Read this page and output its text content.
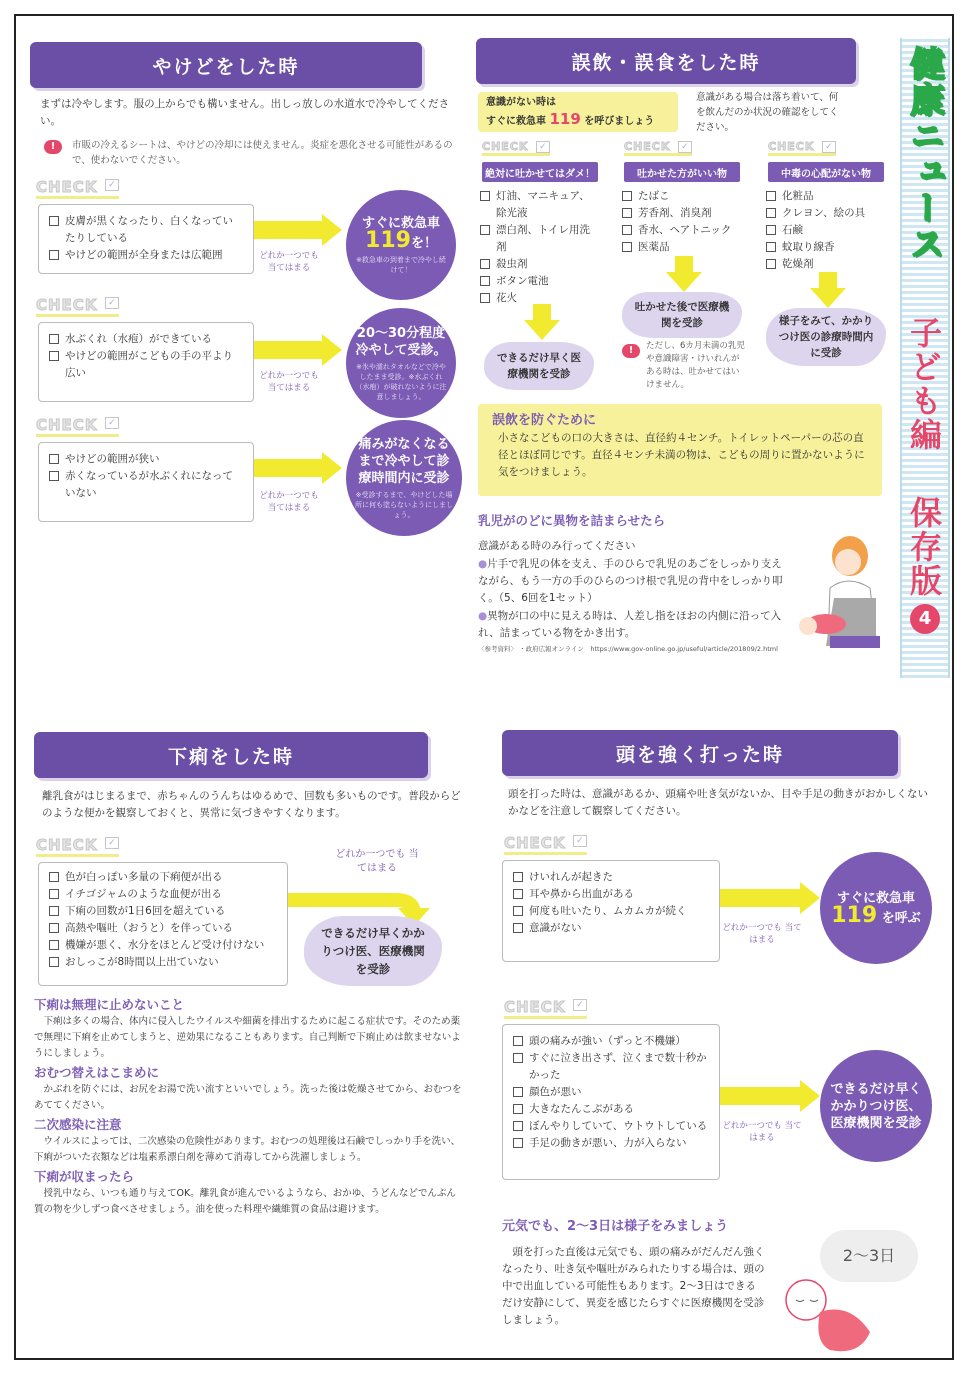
健康ニュース
子ども編
保存版
4
やけどをした時
まずは冷やします。服の上からでも構いません。出しっ放しの水道水で冷やしてください。
!	市販の冷えるシートは、やけどの冷却には使えません。炎症を悪化させる可能性があるので、使わないでください。
CHECK	✓
皮膚が黒くなったり、白くなっていたりしている
やけどの範囲が全身または広範囲	どれか一つでも 当てはまる
すぐに救急車
119を！
※救急車の到着まで冷やし続けて！
CHECK	✓
水ぶくれ（水疱）ができている
やけどの範囲がこどもの手の平より広い	どれか一つでも 当てはまる
20〜30分程度冷やして受診。
※氷や濡れタオルなどで冷やしたまま受診。※水ぶくれ（水疱）が破れないように注意しましょう。
CHECK	✓
やけどの範囲が狭い
赤くなっているが水ぶくれになっていない	どれか一つでも 当てはまる
痛みがなくなるまで冷やして診療時間内に受診
※受診するまで、やけどした場所に何も塗らないようにしましょう。
誤飲・誤食をした時
意識がない時は
すぐに救急車 119 を呼びましょう
意識がある場合は落ち着いて、何を飲んだのか状況の確認をしてください。
CHECK	✓
絶対に吐かせてはダメ！
灯油、マニキュア、除光液
漂白剤、トイレ用洗剤
殺虫剤
ボタン電池
花火
できるだけ早く医療機関を受診
CHECK	✓
吐かせた方がいい物
たばこ
芳香剤、消臭剤
香水、ヘアトニック
医薬品
吐かせた後で医療機関を受診
!	ただし、6カ月未満の乳児や意識障害・けいれんがある時は、吐かせてはいけません。
CHECK	✓
中毒の心配がない物
化粧品
クレヨン、絵の具
石鹸
蚊取り線香
乾燥剤
様子をみて、かかりつけ医の診療時間内に受診
誤飲を防ぐために
小さなこどもの口の大きさは、直径約４センチ。トイレットペーパーの芯の直径とほぼ同じです。直径４センチ未満の物は、こどもの周りに置かないように気をつけましょう。
乳児がのどに異物を詰まらせたら
意識がある時のみ行ってください
●片手で乳児の体を支え、手のひらで乳児のあごをしっかり支えながら、もう一方の手のひらのつけ根で乳児の背中をしっかり叩く。（5、6回を1セット）
●異物が口の中に見える時は、人差し指をほおの内側に沿って入れ、詰まっている物をかき出す。
〈参考資料〉 ・政府広報オンライン　https://www.gov-online.go.jp/useful/article/201809/2.html
下痢をした時
離乳食がはじまるまで、赤ちゃんのうんちはゆるめで、回数も多いものです。普段からどのような便かを観察しておくと、異常に気づきやすくなります。
CHECK	✓
色が白っぽい多量の下痢便が出る
イチゴジャムのような血便が出る
下痢の回数が1日6回を超えている
高熱や嘔吐（おうと）を伴っている
機嫌が悪く、水分をほとんど受け付けない
おしっこが8時間以上出ていない
どれか一つでも 当てはまる
できるだけ早くかかりつけ医、医療機関を受診
下痢は無理に止めないこと
下痢は多くの場合、体内に侵入したウイルスや細菌を排出するために起こる症状です。そのため薬で無理に下痢を止めてしまうと、逆効果になることもあります。自己判断で下痢止めは飲ませないようにしましょう。
おむつ替えはこまめに
かぶれを防ぐには、お尻をお湯で洗い流すといいでしょう。洗った後は乾燥させてから、おむつをあててください。
二次感染に注意
ウイルスによっては、二次感染の危険性があります。おむつの処理後は石鹸でしっかり手を洗い、下痢がついた衣類などは塩素系漂白剤を薄めて消毒してから洗濯しましょう。
下痢が収まったら
授乳中なら、いつも通り与えてOK。離乳食が進んでいるようなら、おかゆ、うどんなどでんぷん質の物を少しずつ食べさせましょう。油を使った料理や繊維質の食品は避けます。
頭を強く打った時
頭を打った時は、意識があるか、頭痛や吐き気がないか、目や手足の動きがおかしくないかなどを注意して観察してください。
CHECK	✓
けいれんが起きた
耳や鼻から出血がある
何度も吐いたり、ムカムカが続く
意識がない	どれか一つでも 当てはまる
すぐに救急車
119 を呼ぶ
CHECK	✓
頭の痛みが強い（ずっと不機嫌）
すぐに泣き出さず、泣くまで数十秒かかった
顔色が悪い
大きなたんこぶがある
ぼんやりしていて、ウトウトしている
手足の動きが悪い、力が入らない
どれか一つでも 当てはまる
できるだけ早くかかりつけ医、医療機関を受診
元気でも、2〜3日は様子をみましょう
頭を打った直後は元気でも、頭の痛みがだんだん強くなったり、吐き気や嘔吐がみられたりする場合は、頭の中で出血している可能性もあります。2〜3日はできるだけ安静にして、異変を感じたらすぐに医療機関を受診しましょう。
2〜3日
